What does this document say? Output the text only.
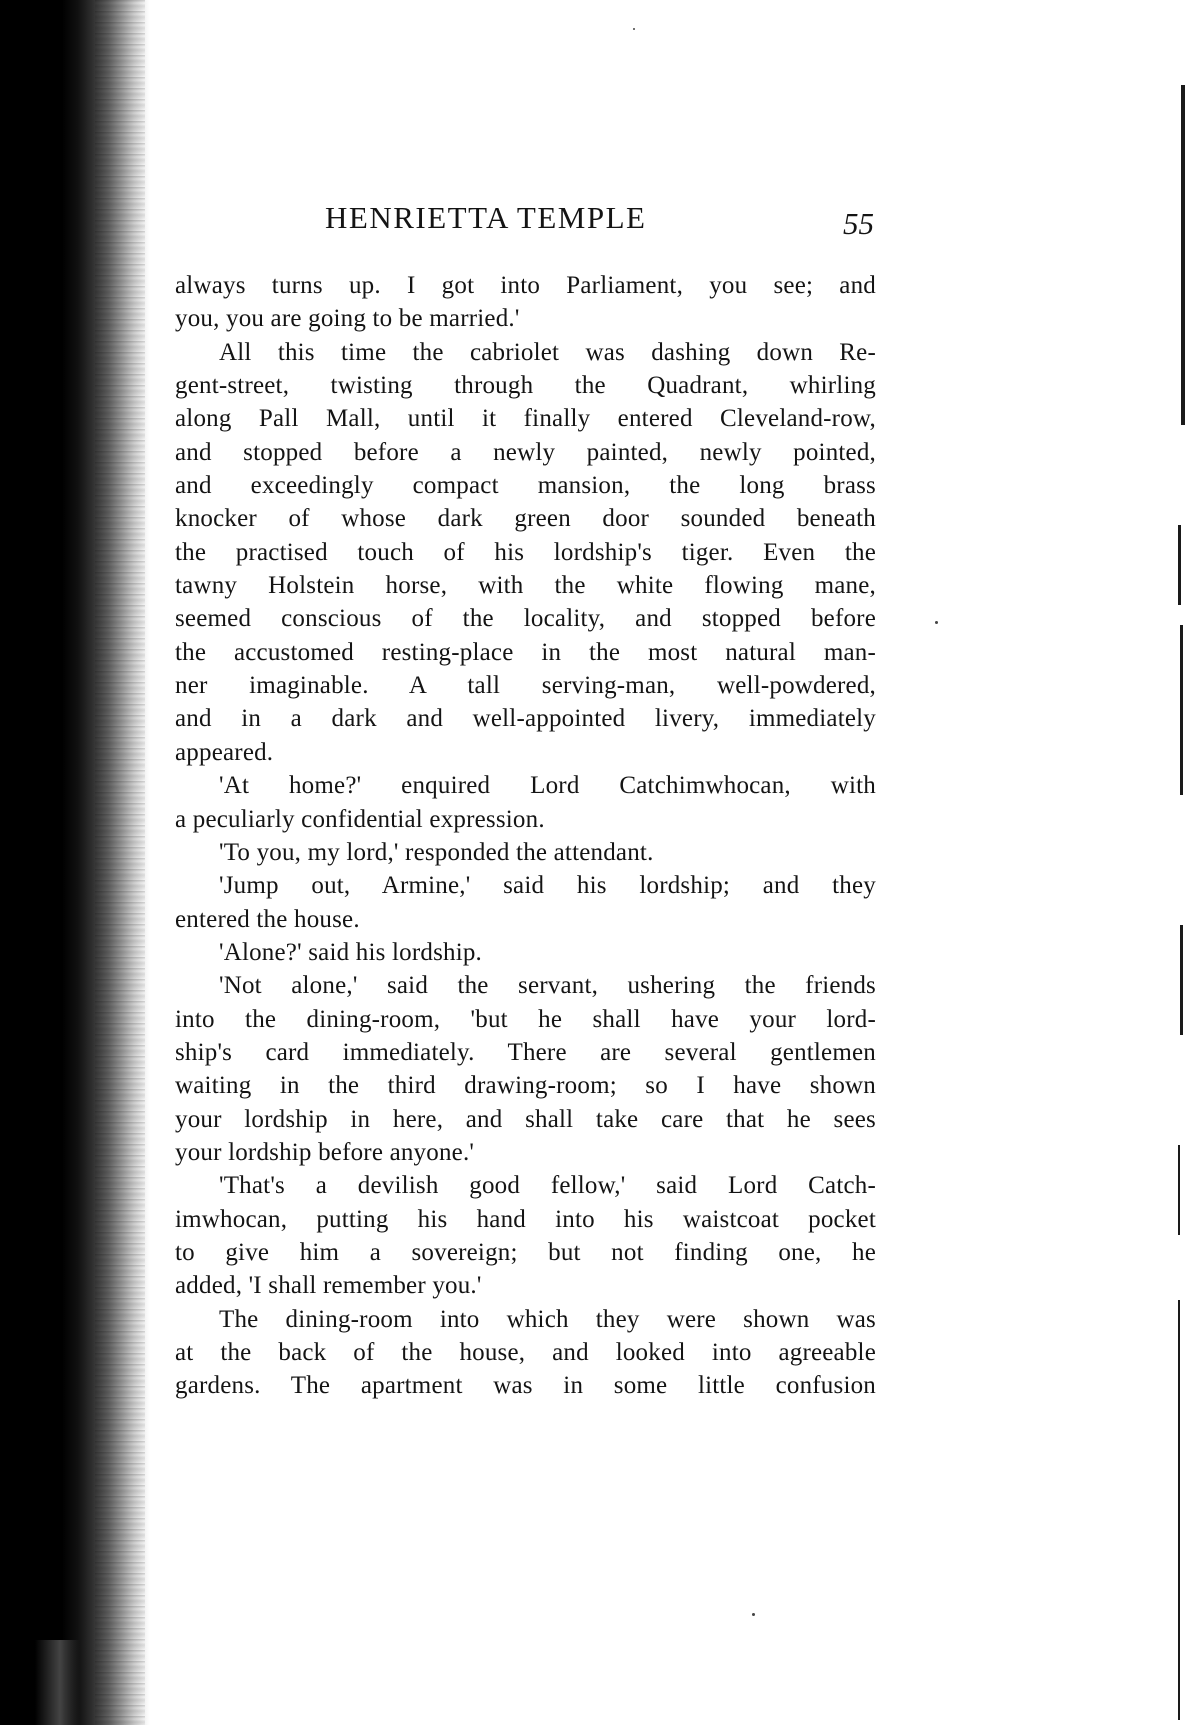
HENRIETTA TEMPLE	55
always turns up. I got into Parliament, you see; and
you, you are going to be married.'
All this time the cabriolet was dashing down Re-
gent-street, twisting through the Quadrant, whirling
along Pall Mall, until it finally entered Cleveland-row,
and stopped before a newly painted, newly pointed,
and exceedingly compact mansion, the long brass
knocker of whose dark green door sounded beneath
the practised touch of his lordship's tiger. Even the
tawny Holstein horse, with the white flowing mane,
seemed conscious of the locality, and stopped before
the accustomed resting-place in the most natural man-
ner imaginable. A tall serving-man, well-powdered,
and in a dark and well-appointed livery, immediately
appeared.
'At home?' enquired Lord Catchimwhocan, with
a peculiarly confidential expression.
'To you, my lord,' responded the attendant.
'Jump out, Armine,' said his lordship; and they
entered the house.
'Alone?' said his lordship.
'Not alone,' said the servant, ushering the friends
into the dining-room, 'but he shall have your lord-
ship's card immediately. There are several gentlemen
waiting in the third drawing-room; so I have shown
your lordship in here, and shall take care that he sees
your lordship before anyone.'
'That's a devilish good fellow,' said Lord Catch-
imwhocan, putting his hand into his waistcoat pocket
to give him a sovereign; but not finding one, he
added, 'I shall remember you.'
The dining-room into which they were shown was
at the back of the house, and looked into agreeable
gardens. The apartment was in some little confusion
